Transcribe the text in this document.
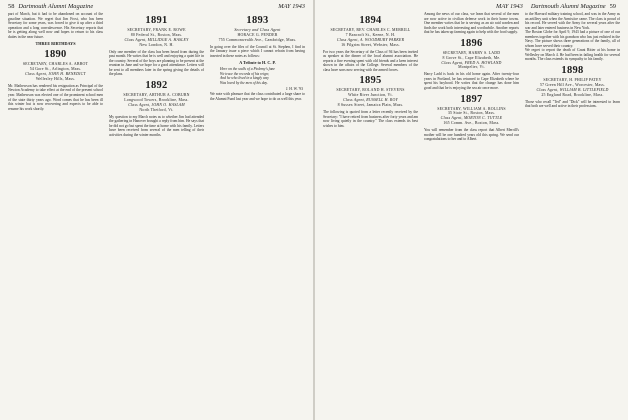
58 Dartmouth Alumni Magazine	MAY 1943

part of March, but it had to be abandoned on account of the gasoline situation. We regret that Jim Frost, who has been Secretary for some years, was forced to give it up after a third operation and a long convalescence. His Secretary reports that he is getting along well now and hopes to return to his class duties in the near future.

THREE BIRTHDAYS
1890
SECRETARY, CHARLES A. ABBOT
54 Gore St., Arlington, Mass.
Class Agent, JOHN H. BENEDICT
Wellesley Hills, Mass.

Mr. Mathewson has rendered his resignation as Principal of the Newton Academy to take effect at the end of the present school year. Mathewson was elected one of the prominent school men of the state thirty years ago. Word comes that he has been ill this winter but is now recovering and expects to be able to resume his work shortly.

1891
SECRETARY, FRANK E. ROWE
80 Federal St., Boston, Mass.
Class Agent, MILLIDGE A. HASLEY
New London, N. H.

Only one member of the class has been heard from during the past month. He writes that he is well and enjoying a quiet life in the country. Several of the boys are planning to be present at the reunion in June and we hope for a good attendance. Letters will be sent to all members later in the spring giving the details of the plans.

1892
SECRETARY, ARTHUR A. COBURN
Longwood Towers, Brookline, Mass.
Class Agent, JOHN O. HASLAM
North Thetford, Vt.

My question to my March notes as to whether Jim had attended the gathering in Hanover brought a reply from him. He says that he did not go but spent the time at home with his family. Letters have been received from several of the men telling of their activities during the winter months.

1893
Secretary and Class Agent
HORACE G. PENDER
755 Commonwealth Ave., Cambridge, Mass.

In going over the files of the Council at St. Stephen, I find in the January issue a piece which I cannot refrain from having inserted in these notes as follows:

A Tribute to H. C. P.
Here on the walls of a Ptolemy's fane
We trace the records of his reign;
And he who lived in a kingly way
Was loved by the men of his day.
J. H. W. '93

We note with pleasure that the class contributed a large share to the Alumni Fund last year and we hope to do as well this year.

MAY 1943 Dartmouth Alumni Magazine 59
1894
SECRETARY, REV. CHARLES C. MERRILL
7 Bancroft St., Keene, N. H.
Class Agent, A. WOODBURY PARKER
16 Pilgrim Street, Webster, Mass.

For two years the Secretary of the Class of 94 has been invited as speaker at the dinner of the local alumni association. He reports a fine evening spent with old friends and a keen interest shown in the affairs of the College. Several members of the class have sons now serving with the armed forces.

1895
SECRETARY, ROLAND H. STEVENS
White River Junction, Vt.
Class Agent, RUSSELL H. ROY
8 Sussex Street, Jamaica Plain, Mass.

The following is quoted from a letter recently received by the Secretary: "I have retired from business after forty years and am now living quietly in the country." The class extends its best wishes to him.

Among the news of our class, we learn that several of the men are now active in civilian defense work in their home towns. One member writes that he is serving as an air raid warden and finds the work both interesting and worthwhile. Another reports that he has taken up farming again to help with the food supply.

1896
SECRETARY, HARRY S. LADD
8 Grove St., Cape Elizabeth, Me.
Class Agent, FRED A. HOWLAND
Montpelier, Vt.

Harry Ladd is back in his old home again. After twenty-four years in Portland, he has returned to Cape Elizabeth where he spent his boyhood. He writes that the change has done him good and that he is enjoying the sea air once more.

1897
SECRETARY, WILLIAM A. ROLLINS
35 State St., Boston, Mass.
Class Agent, MORTON C. TUTTLE
165 Comm. Ave., Boston, Mass.

You will remember from the class report that Albert Merrill's mother will be one hundred years old this spring. We send our congratulations to her and to Albert.

to the Harvard military training school, and was in the Army as an artillery unit when the Armistice came. The class is proud of his record. He served with the Army for several years after the war and later entered business in New York.

The Boston Globe for April 9, 1943 had a picture of one of our members together with his grandson who has just enlisted in the Navy. The picture shows three generations of the family, all of whom have served their country.

We regret to report the death of Grant Ritter at his home in Wellesley on March 4. He had been in failing health for several months. The class extends its sympathy to his family.

1898
SECRETARY, H. PHILIP PATEY
57 Green Hill Ave., Worcester, Mass.
Class Agent, WILLIAM B. LITTLEFIELD
25 England Road, Brookline, Mass.

Those who recall "Ted" and "Dick" will be interested to learn that both are well and active in their professions.
